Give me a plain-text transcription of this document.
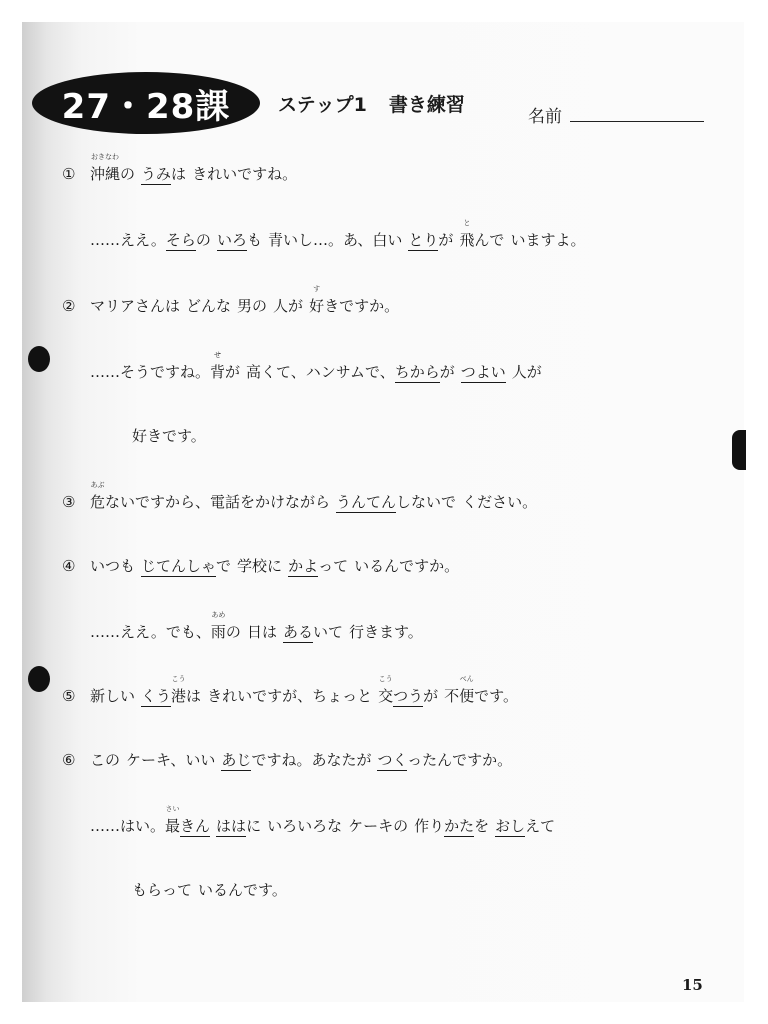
27・28課	ステップ1 書き練習
名前
① 沖縄
おきなわ
の うみは きれいですね。
……ええ。そらの いろも 青いし…。あ、白い とりが 飛
と
んで いますよ。
② マリアさんは どんな 男の 人が 好
す
きですか。
……そうですね。背
せ
が 高くて、ハンサムで、ちからが つよい 人が
好きです。
③ 危
あぶ
ないですから、電話をかけながら うんてんしないで ください。
④ いつも じてんしゃで 学校に かよって いるんですか。
……ええ。でも、雨
あめ
の 日は あるいて 行きます。
⑤ 新しい くう港
こう
は きれいですが、ちょっと 交
こう
つうが 不便
べん
です。
⑥ この ケーキ、いい あじですね。あなたが つくったんですか。
……はい。最
さい
きん ははに いろいろな ケーキの 作りかたを おしえて
もらって いるんです。
15
